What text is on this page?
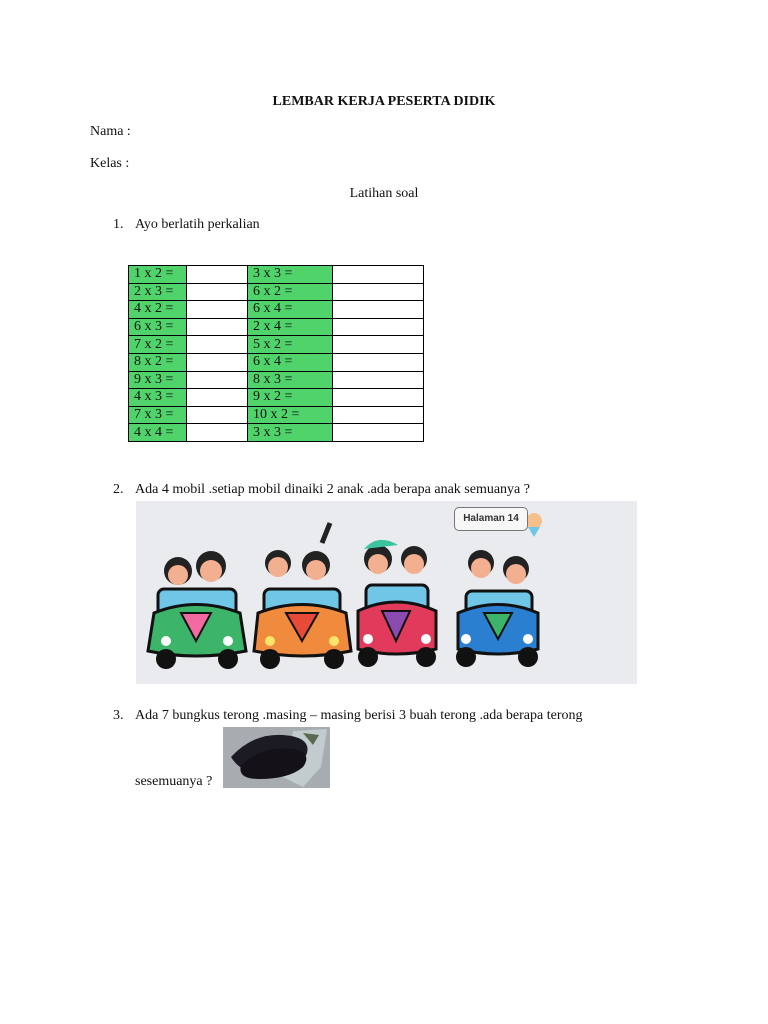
LEMBAR KERJA PESERTA DIDIK
Nama :
Kelas :
Latihan soal
1. Ayo berlatih perkalian
1 x 2 =		3 x 3 =	
2 x 3 =		6 x 2 =	
4 x 2 =		6 x 4 =	
6 x 3 =		2 x 4 =	
7 x 2 =		5 x 2 =	
8 x 2 =		6 x 4 =	
9 x 3 =		8 x 3 =	
4 x 3 =		9 x 2 =	
7 x 3 =		10 x 2 =	
4 x 4 =		3 x 3 =	
2. Ada 4 mobil .setiap mobil dinaiki 2 anak .ada berapa anak semuanya ?
Halaman 14
3. Ada 7 bungkus terong .masing – masing berisi 3 buah terong .ada berapa terong
sesemuanya ?
